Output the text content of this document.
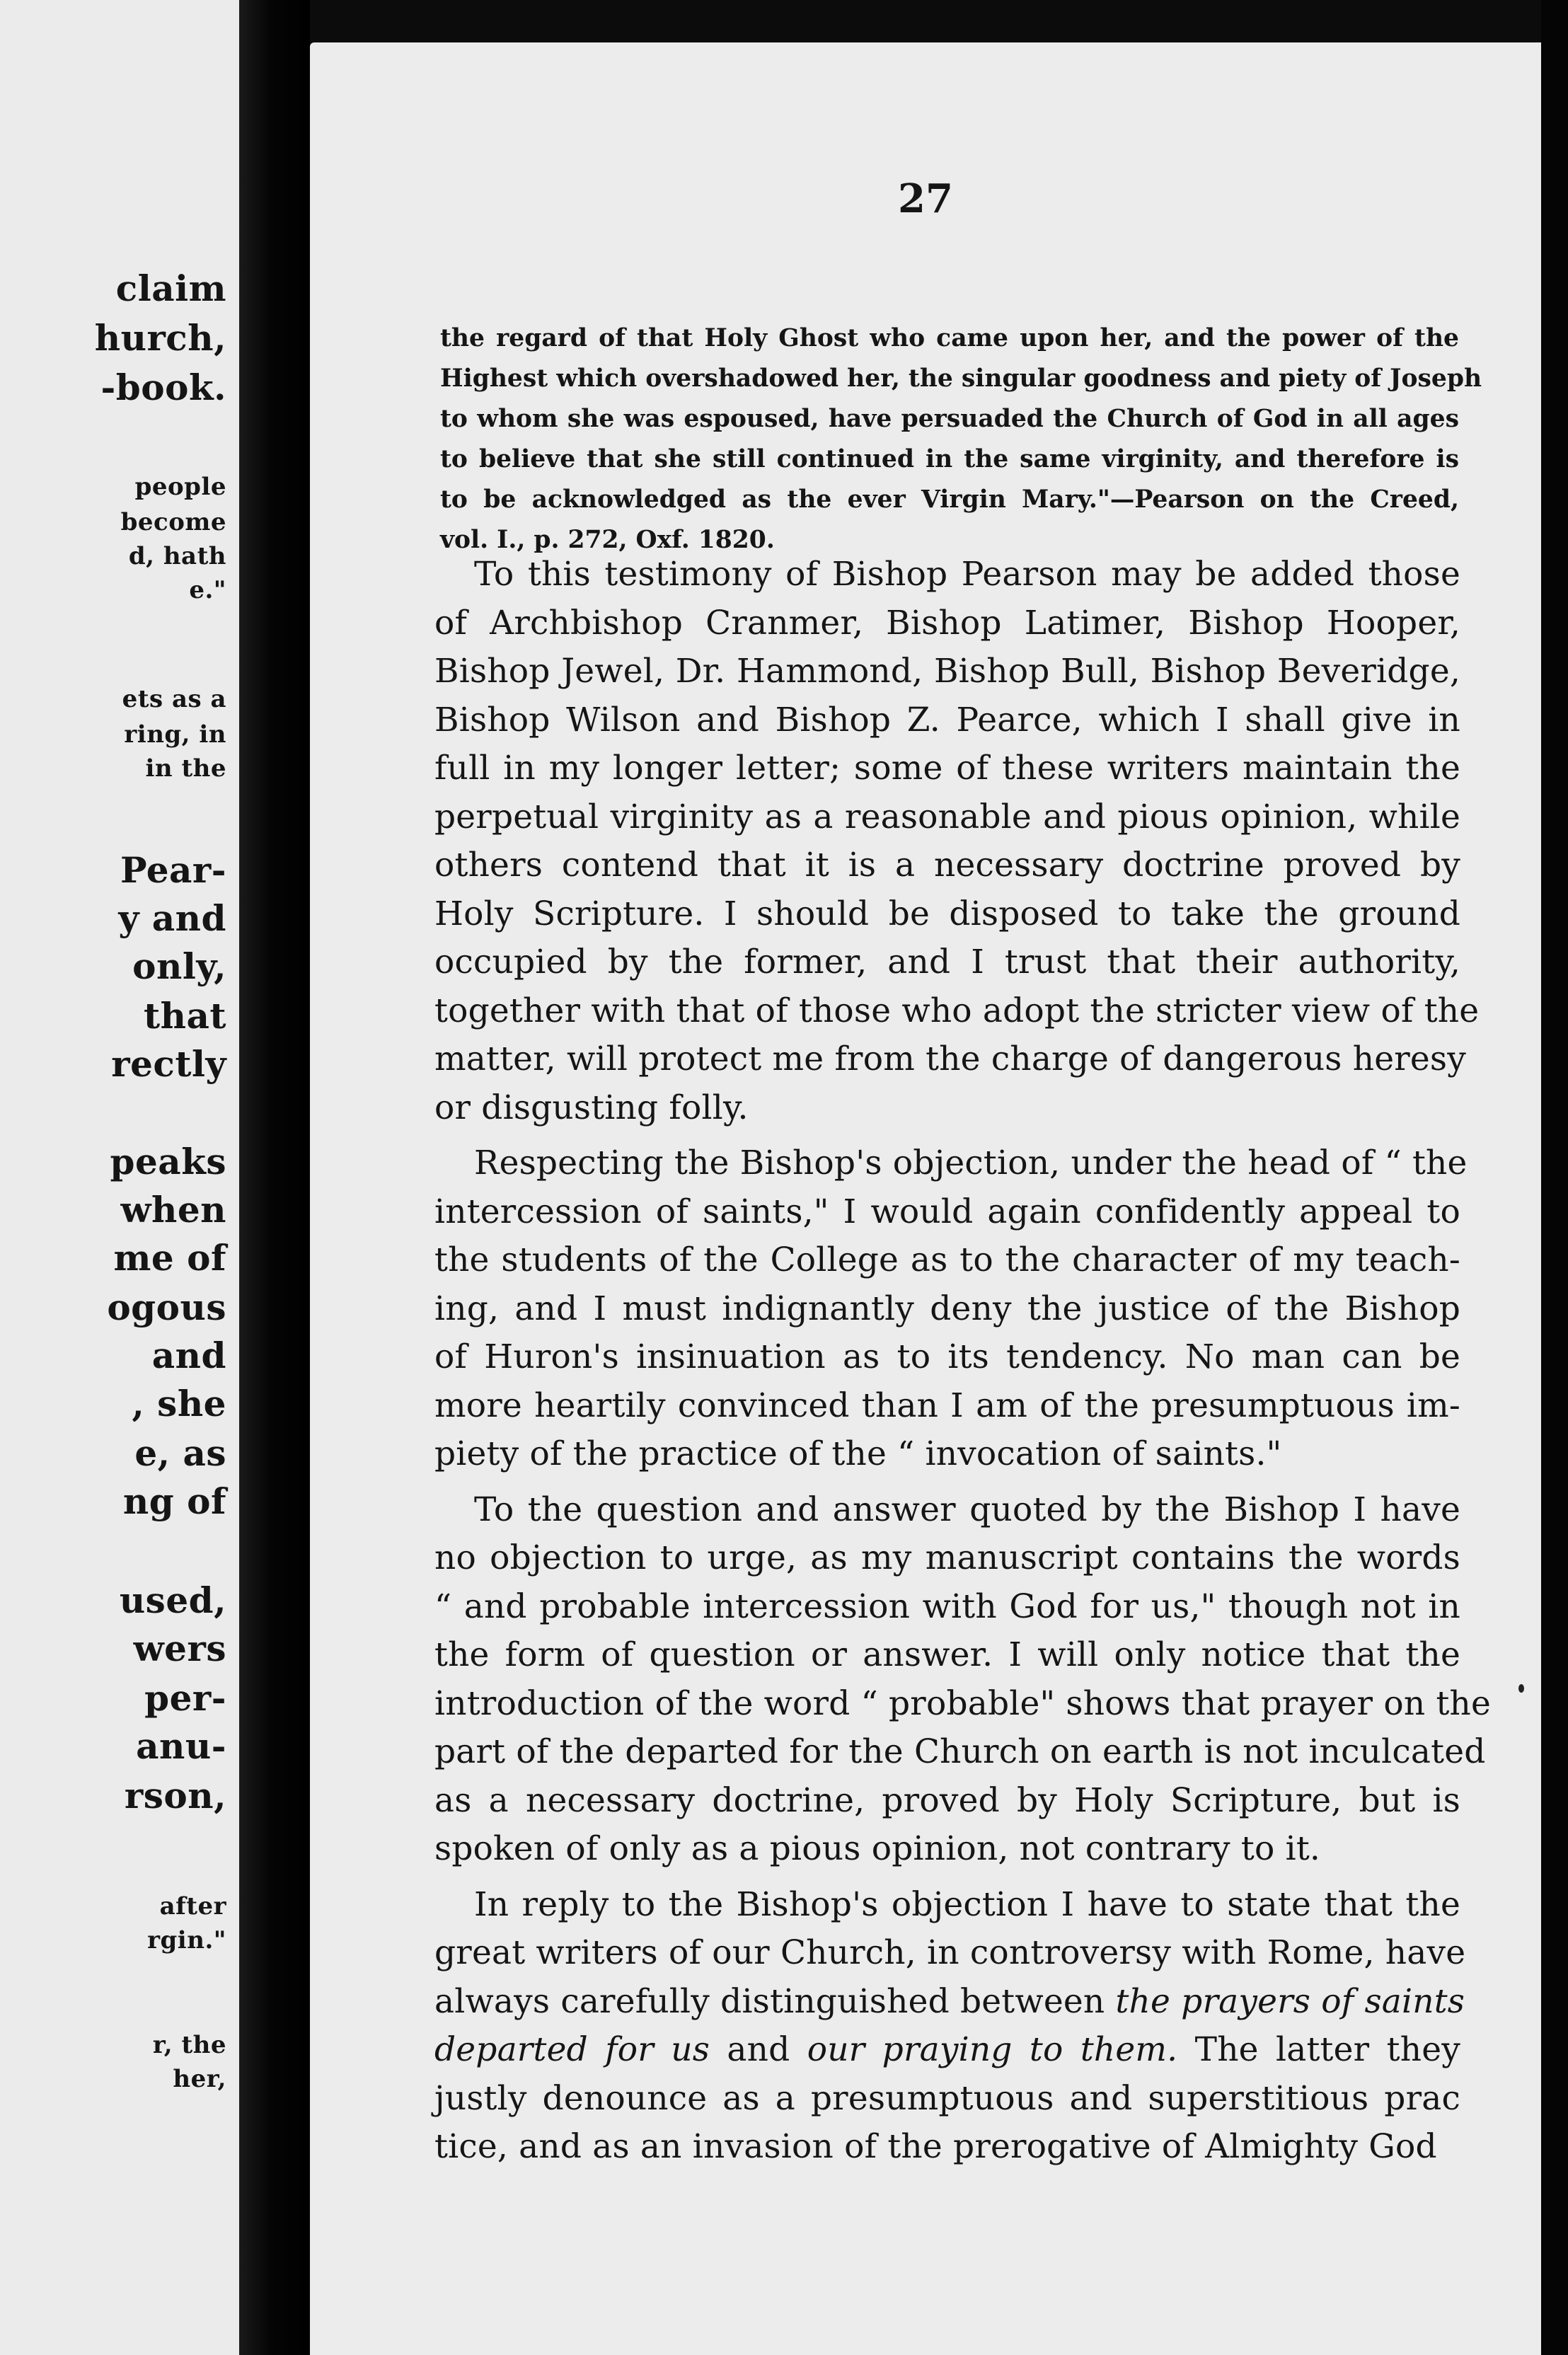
claim
hurch,
-book.
people
become
d, hath
e."
ets as a
ring, in
in the
Pear-
y and
only,
that
rectly
peaks
when
me of
ogous
and
, she
e, as
ng of
used,
wers
per-
anu-
rson,
after
rgin."
r, the
her,
27
the regard of that Holy Ghost who came upon her, and the power of the
Highest which overshadowed her, the singular goodness and piety of Joseph
to whom she was espoused, have persuaded the Church of God in all ages
to believe that she still continued in the same virginity, and therefore is
to be acknowledged as the ever Virgin Mary."—Pearson on the Creed,
vol. I., p. 272, Oxf. 1820.
To this testimony of Bishop Pearson may be added those
of Archbishop Cranmer, Bishop Latimer, Bishop Hooper,
Bishop Jewel, Dr. Hammond, Bishop Bull, Bishop Beveridge,
Bishop Wilson and Bishop Z. Pearce, which I shall give in
full in my longer letter; some of these writers maintain the
perpetual virginity as a reasonable and pious opinion, while
others contend that it is a necessary doctrine proved by
Holy Scripture. I should be disposed to take the ground
occupied by the former, and I trust that their authority,
together with that of those who adopt the stricter view of the
matter, will protect me from the charge of dangerous heresy
or disgusting folly.
Respecting the Bishop's objection, under the head of “ the
intercession of saints," I would again confidently appeal to
the students of the College as to the character of my teach-
ing, and I must indignantly deny the justice of the Bishop
of Huron's insinuation as to its tendency. No man can be
more heartily convinced than I am of the presumptuous im-
piety of the practice of the “ invocation of saints."
To the question and answer quoted by the Bishop I have
no objection to urge, as my manuscript contains the words
“ and probable intercession with God for us," though not in
the form of question or answer. I will only notice that the
introduction of the word “ probable" shows that prayer on the
part of the departed for the Church on earth is not inculcated
as a necessary doctrine, proved by Holy Scripture, but is
spoken of only as a pious opinion, not contrary to it.
In reply to the Bishop's objection I have to state that the
great writers of our Church, in controversy with Rome, have
always carefully distinguished between the prayers of saints
departed for us and our praying to them. The latter they
justly denounce as a presumptuous and superstitious prac
tice, and as an invasion of the prerogative of Almighty God
